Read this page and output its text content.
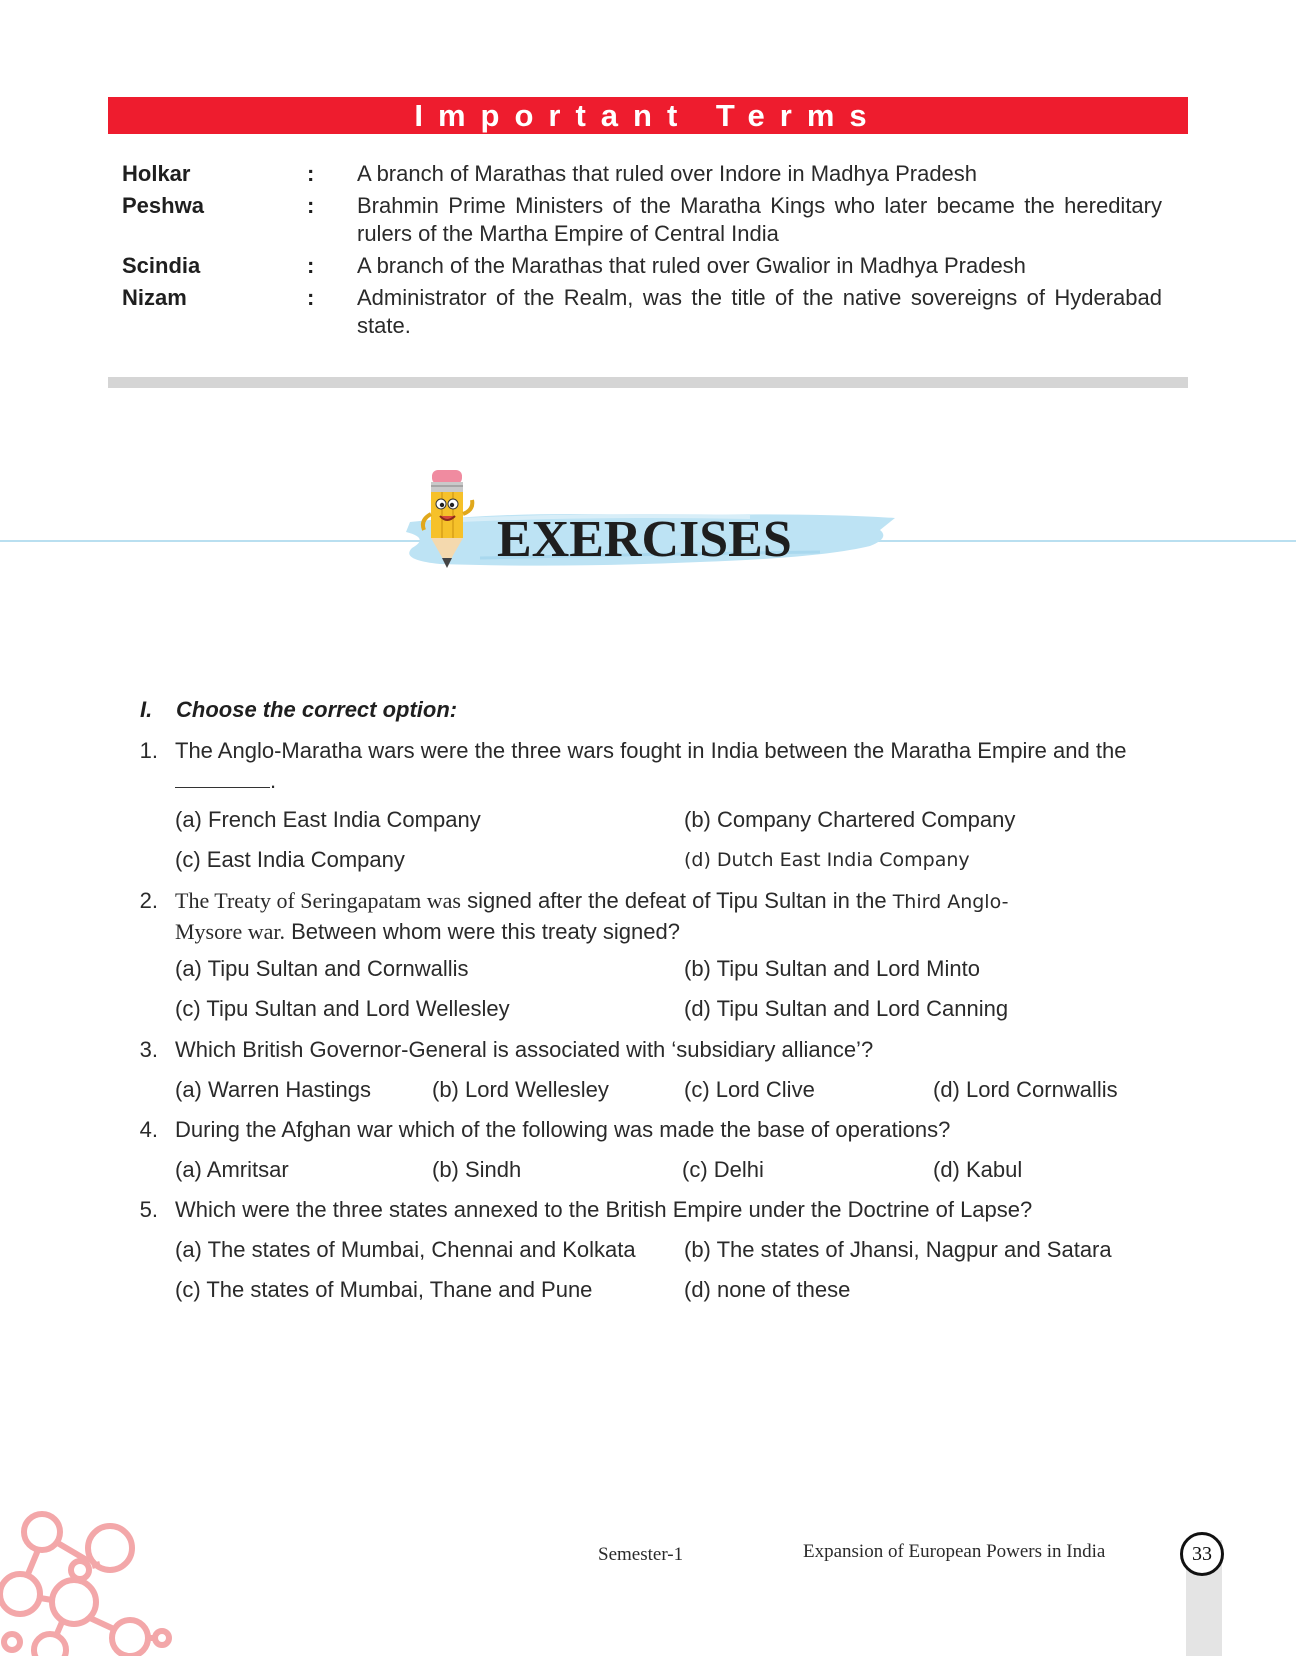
Important Terms
Holkar	:	A branch of Marathas that ruled over Indore in Madhya Pradesh
Peshwa	:	Brahmin Prime Ministers of the Maratha Kings who later became the hereditary rulers of the Martha Empire of Central India
Scindia	:	A branch of the Marathas that ruled over Gwalior in Madhya Pradesh
Nizam	:	Administrator of the Realm, was the title of the native sovereigns of Hyderabad state.
EXERCISES
I. Choose the correct option:
1. The Anglo-Maratha wars were the three wars fought in India between the Maratha Empire and the
.
(a) French East India Company	(b) Company Chartered Company
(c) East India Company	(d) Dutch East India Company
2. The Treaty of Seringapatam was signed after the defeat of Tipu Sultan in the Third Anglo-
Mysore war. Between whom were this treaty signed?
(a) Tipu Sultan and Cornwallis	(b) Tipu Sultan and Lord Minto
(c) Tipu Sultan and Lord Wellesley	(d) Tipu Sultan and Lord Canning
3. Which British Governor-General is associated with ‘subsidiary alliance’?
(a) Warren Hastings	(b) Lord Wellesley	(c) Lord Clive	(d) Lord Cornwallis
4. During the Afghan war which of the following was made the base of operations?
(a) Amritsar	(b) Sindh	(c) Delhi	(d) Kabul
5. Which were the three states annexed to the British Empire under the Doctrine of Lapse?
(a) The states of Mumbai, Chennai and Kolkata (b) The states of Jhansi, Nagpur and Satara
(c) The states of Mumbai, Thane and Pune	(d) none of these
Semester-1	Expansion of European Powers in India	33
